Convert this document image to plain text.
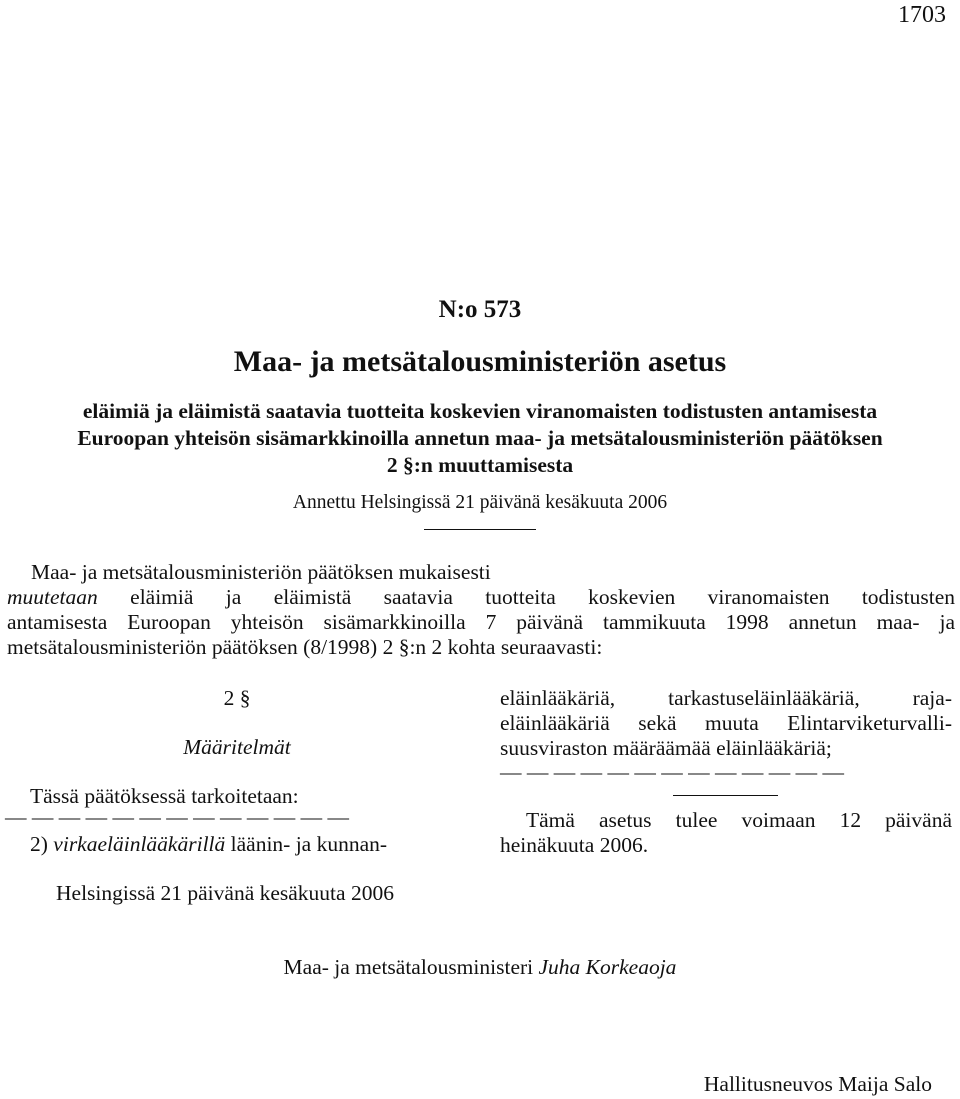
1703
N:o 573
Maa- ja metsätalousministeriön asetus
eläimiä ja eläimistä saatavia tuotteita koskevien viranomaisten todistusten antamisesta
Euroopan yhteisön sisämarkkinoilla annetun maa- ja metsätalousministeriön päätöksen
2 §:n muuttamisesta
Annettu Helsingissä 21 päivänä kesäkuuta 2006
Maa- ja metsätalousministeriön päätöksen mukaisesti
muutetaan eläimiä ja eläimistä saatavia tuotteita koskevien viranomaisten todistusten
antamisesta Euroopan yhteisön sisämarkkinoilla 7 päivänä tammikuuta 1998 annetun maa- ja
metsätalousministeriön päätöksen (8/1998) 2 §:n 2 kohta seuraavasti:
2 §
Määritelmät
Tässä päätöksessä tarkoitetaan:
— — — — — — — — — — — — —
2) virkaeläinlääkärillä läänin- ja kunnan-
eläinlääkäriä, tarkastuseläinlääkäriä, raja-
eläinlääkäriä sekä muuta Elintarviketurvalli-
suusviraston määräämää eläinlääkäriä;
— — — — — — — — — — — — —
Tämä asetus tulee voimaan 12 päivänä
heinäkuuta 2006.
Helsingissä 21 päivänä kesäkuuta 2006
Maa- ja metsätalousministeri Juha Korkeaoja
Hallitusneuvos Maija Salo
